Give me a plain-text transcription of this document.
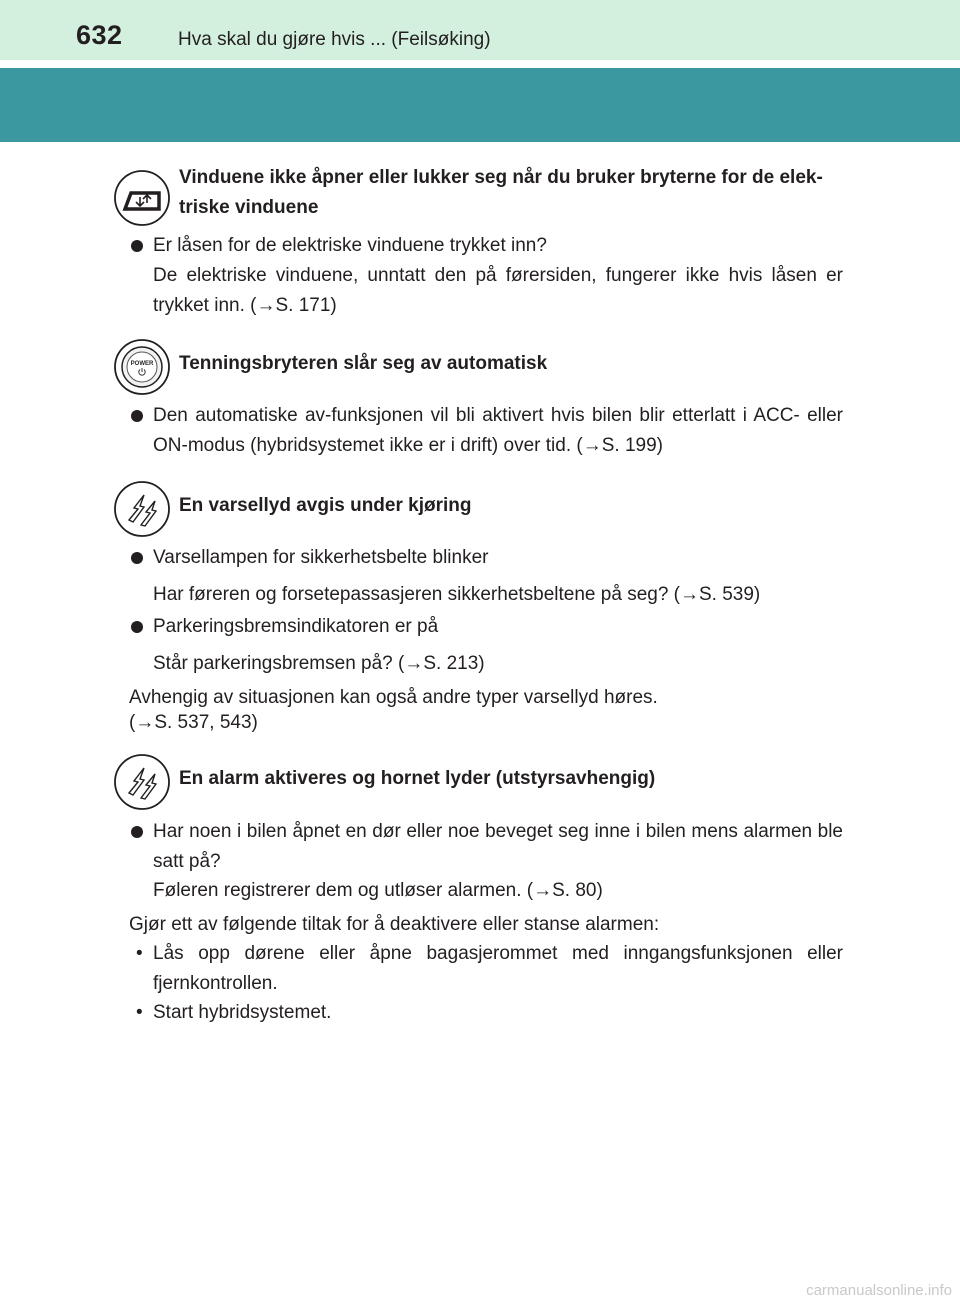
632	Hva skal du gjøre hvis ... (Feilsøking)
Vinduene ikke åpner eller lukker seg når du bruker bryterne for de elek-triske vinduene
Er låsen for de elektriske vinduene trykket inn?
De elektriske vinduene, unntatt den på førersiden, fungerer ikke hvis låsen er trykket inn. (→S. 171)
POWER Tenningsbryteren slår seg av automatisk
Den automatiske av-funksjonen vil bli aktivert hvis bilen blir etterlatt i ACC- eller ON-modus (hybridsystemet ikke er i drift) over tid. (→S. 199)
En varsellyd avgis under kjøring
Varsellampen for sikkerhetsbelte blinker
Har føreren og forsetepassasjeren sikkerhetsbeltene på seg? (→S. 539)
Parkeringsbremsindikatoren er på
Står parkeringsbremsen på? (→S. 213)
Avhengig av situasjonen kan også andre typer varsellyd høres.
(→S. 537, 543)
En alarm aktiveres og hornet lyder (utstyrsavhengig)
Har noen i bilen åpnet en dør eller noe beveget seg inne i bilen mens alarmen ble satt på?
Føleren registrerer dem og utløser alarmen. (→S. 80)
Gjør ett av følgende tiltak for å deaktivere eller stanse alarmen:
• Lås opp dørene eller åpne bagasjerommet med inngangsfunksjonen eller fjernkontrollen.
• Start hybridsystemet.
carmanualsonline.info
